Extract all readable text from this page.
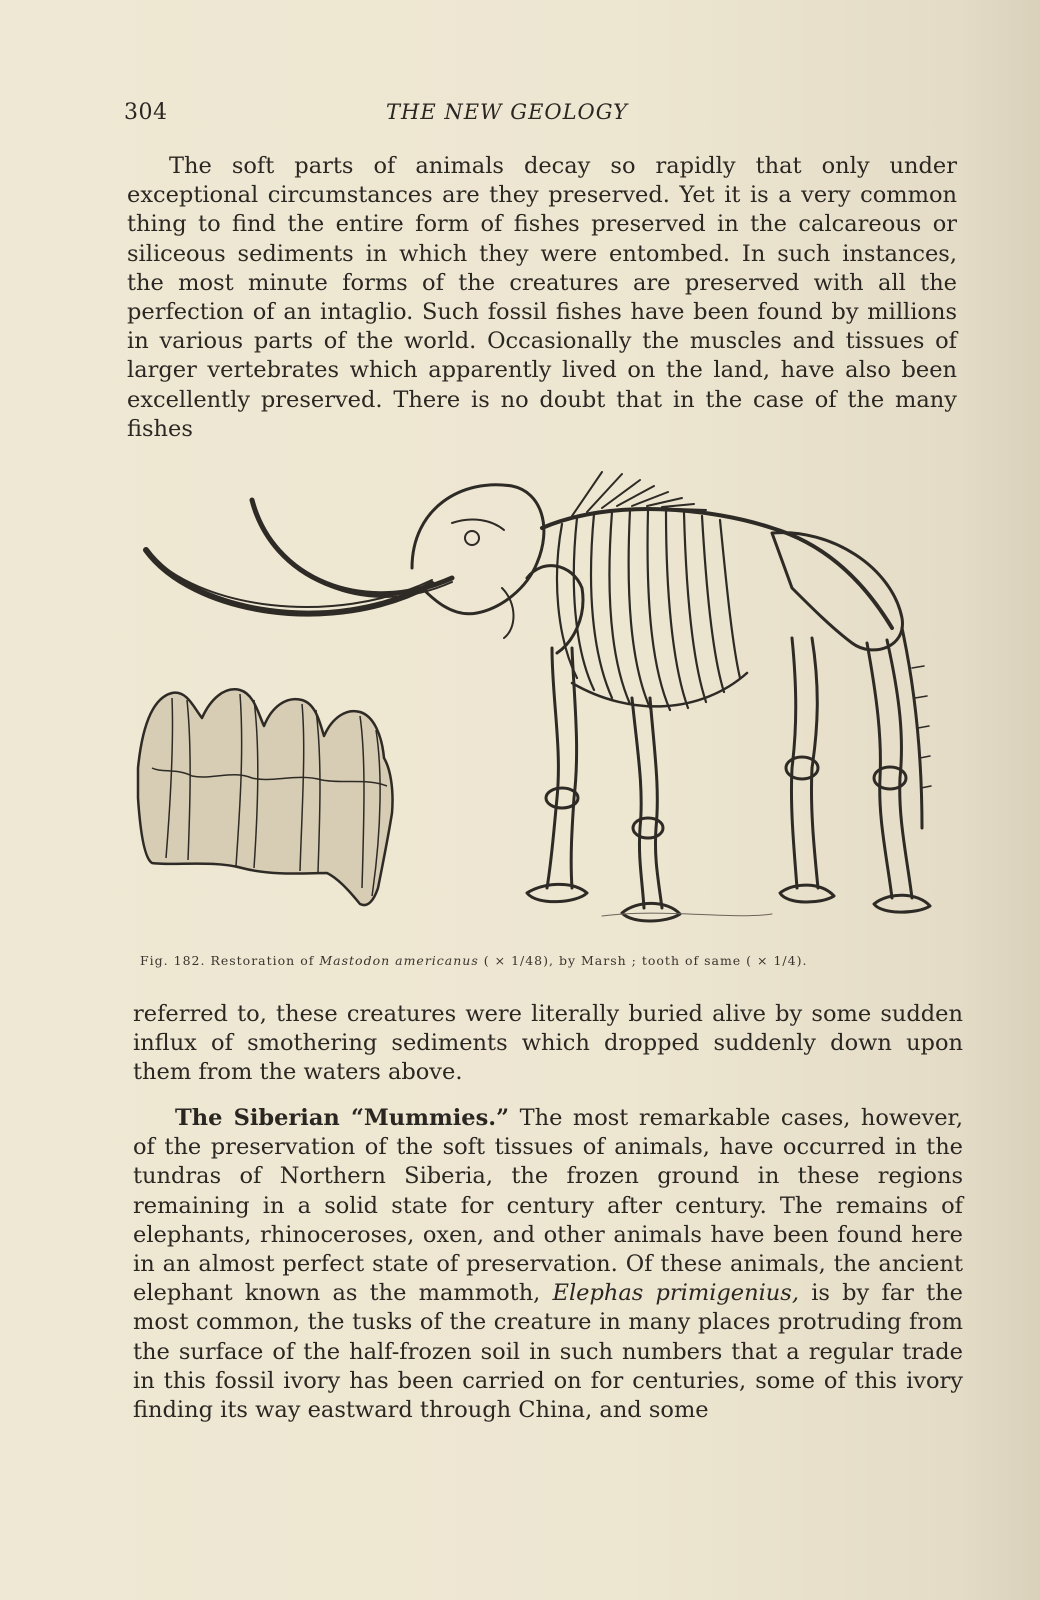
304	THE NEW GEOLOGY

The soft parts of animals decay so rapidly that only under exceptional circumstances are they preserved. Yet it is a very common thing to find the entire form of fishes preserved in the calcareous or siliceous sediments in which they were entombed. In such instances, the most minute forms of the creatures are preserved with all the perfection of an intaglio. Such fossil fishes have been found by millions in various parts of the world. Occasionally the muscles and tissues of larger vertebrates which apparently lived on the land, have also been excellently preserved. There is no doubt that in the case of the many fishes

Fig. 182. Restoration of Mastodon americanus ( × 1/48), by Marsh ; tooth of same ( × 1/4).

referred to, these creatures were literally buried alive by some sudden influx of smothering sediments which dropped suddenly down upon them from the waters above.

The Siberian “Mummies.” The most remarkable cases, however, of the preservation of the soft tissues of animals, have occurred in the tundras of Northern Siberia, the frozen ground in these regions remaining in a solid state for century after century. The remains of elephants, rhinoceroses, oxen, and other animals have been found here in an almost perfect state of preservation. Of these animals, the ancient elephant known as the mammoth, Elephas primigenius, is by far the most common, the tusks of the creature in many places protruding from the surface of the half-frozen soil in such numbers that a regular trade in this fossil ivory has been carried on for centuries, some of this ivory finding its way eastward through China, and some
